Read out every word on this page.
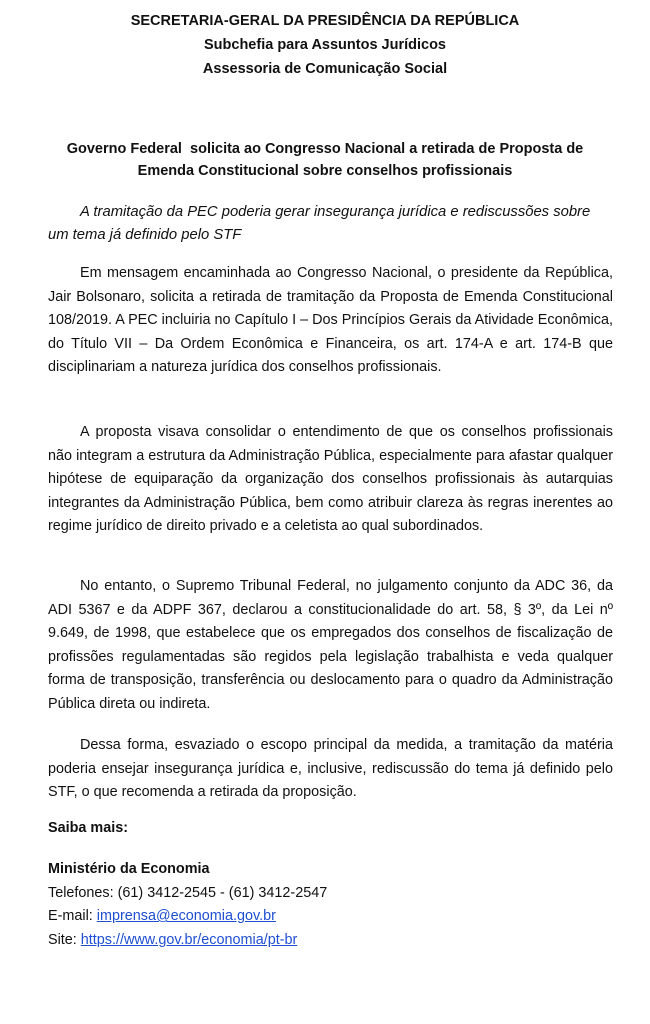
SECRETARIA-GERAL DA PRESIDÊNCIA DA REPÚBLICA
Subchefia para Assuntos Jurídicos
Assessoria de Comunicação Social
Governo Federal  solicita ao Congresso Nacional a retirada de Proposta de
Emenda Constitucional sobre conselhos profissionais
A tramitação da PEC poderia gerar insegurança jurídica e rediscussões sobre um tema já definido pelo STF
Em mensagem encaminhada ao Congresso Nacional, o presidente da República, Jair Bolsonaro, solicita a retirada de tramitação da Proposta de Emenda Constitucional 108/2019. A PEC incluiria no Capítulo I – Dos Princípios Gerais da Atividade Econômica, do Título VII – Da Ordem Econômica e Financeira, os art. 174-A e art. 174-B que disciplinariam a natureza jurídica dos conselhos profissionais.
A proposta visava consolidar o entendimento de que os conselhos profissionais não integram a estrutura da Administração Pública, especialmente para afastar qualquer hipótese de equiparação da organização dos conselhos profissionais às autarquias integrantes da Administração Pública, bem como atribuir clareza às regras inerentes ao regime jurídico de direito privado e a celetista ao qual subordinados.
No entanto, o Supremo Tribunal Federal, no julgamento conjunto da ADC 36, da ADI 5367 e da ADPF 367, declarou a constitucionalidade do art. 58, § 3º, da Lei nº 9.649, de 1998, que estabelece que os empregados dos conselhos de fiscalização de profissões regulamentadas são regidos pela legislação trabalhista e veda qualquer forma de transposição, transferência ou deslocamento para o quadro da Administração Pública direta ou indireta.
Dessa forma, esvaziado o escopo principal da medida, a tramitação da matéria poderia ensejar insegurança jurídica e, inclusive, rediscussão do tema já definido pelo STF, o que recomenda a retirada da proposição.
Saiba mais:
Ministério da Economia
Telefones: (61) 3412-2545 - (61) 3412-2547
E-mail: imprensa@economia.gov.br
Site: https://www.gov.br/economia/pt-br
